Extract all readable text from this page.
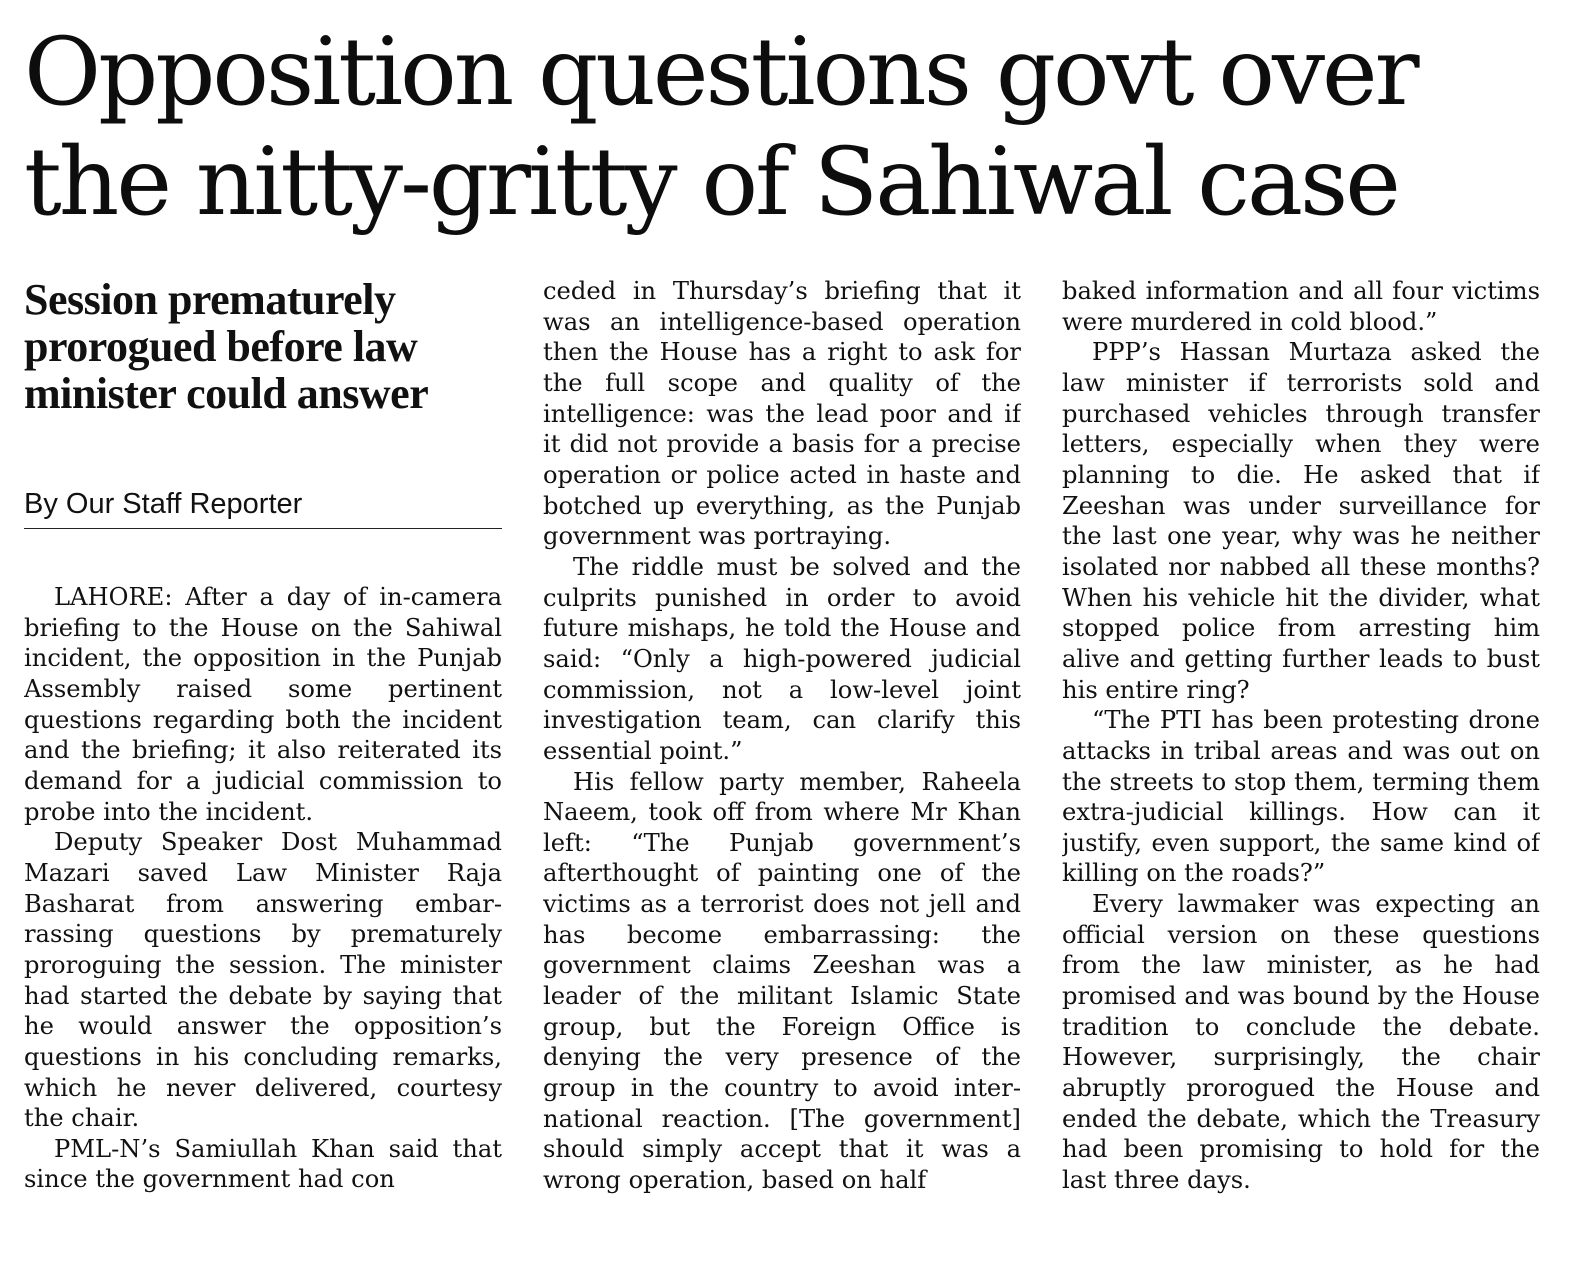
Opposition questions govt over the nitty-gritty of Sahiwal case
Session prematurely prorogued before law minister could answer
By Our Staff Reporter

LAHORE: After a day of in-camera briefing to the House on the Sahiwal incident, the opposition in the Punjab Assembly raised some pertinent questions regarding both the incident and the briefing; it also reiterated its demand for a judicial commission to probe into the incident.

Deputy Speaker Dost Muhammad Mazari saved Law Minister Raja Basharat from answering embarrassing questions by prematurely proroguing the session. The minister had started the debate by saying that he would answer the opposition’s questions in his concluding remarks, which he never delivered, courtesy the chair.

PML-N’s Samiullah Khan said that since the government had con

ceded in Thursday’s briefing that it was an intelligence-based operation then the House has a right to ask for the full scope and quality of the intelligence: was the lead poor and if it did not provide a basis for a precise operation or police acted in haste and botched up everything, as the Punjab government was portraying.

The riddle must be solved and the culprits punished in order to avoid future mishaps, he told the House and said: “Only a high-powered judicial commission, not a low-level joint investigation team, can clarify this essential point.”

His fellow party member, Raheela Naeem, took off from where Mr Khan left: “The Punjab government’s afterthought of painting one of the victims as a terrorist does not jell and has become embarrassing: the government claims Zeeshan was a leader of the militant Islamic State group, but the Foreign Office is denying the very presence of the group in the country to avoid international reaction. [The government] should simply accept that it was a wrong operation, based on half

baked information and all four victims were murdered in cold blood.”

PPP’s Hassan Murtaza asked the law minister if terrorists sold and purchased vehicles through transfer letters, especially when they were planning to die. He asked that if Zeeshan was under surveillance for the last one year, why was he neither isolated nor nabbed all these months? When his vehicle hit the divider, what stopped police from arresting him alive and getting further leads to bust his entire ring?

“The PTI has been protesting drone attacks in tribal areas and was out on the streets to stop them, terming them extra-judicial killings. How can it justify, even support, the same kind of killing on the roads?”

Every lawmaker was expecting an official version on these questions from the law minister, as he had promised and was bound by the House tradition to conclude the debate. However, surprisingly, the chair abruptly prorogued the House and ended the debate, which the Treasury had been promising to hold for the last three days.
